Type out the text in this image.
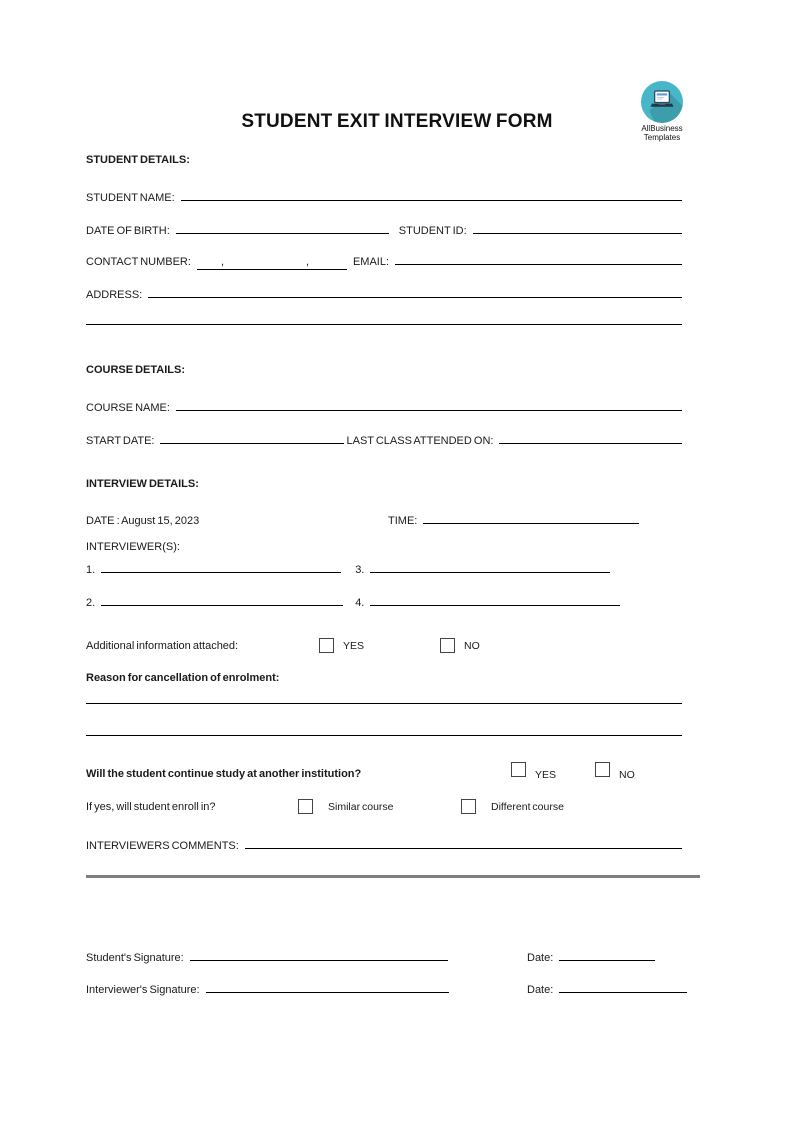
STUDENT EXIT INTERVIEW FORM	AllBusiness
Templates
STUDENT DETAILS:
STUDENT NAME:
DATE OF BIRTH:	STUDENT ID:
CONTACT NUMBER:	,	,	EMAIL:
ADDRESS:
COURSE DETAILS:
COURSE NAME:
START DATE:	LAST CLASS ATTENDED ON:
INTERVIEW DETAILS:
DATE : August 15, 2023	TIME:
INTERVIEWER(S):
1.	3.
2.	4.
Additional information attached:	YES	NO
Reason for cancellation of enrolment:
Will the student continue study at another institution?	YES	NO
If yes, will student enroll in?	Similar course	Different course
INTERVIEWERS COMMENTS:
Student's Signature:	Date:
Interviewer's Signature:	Date:
